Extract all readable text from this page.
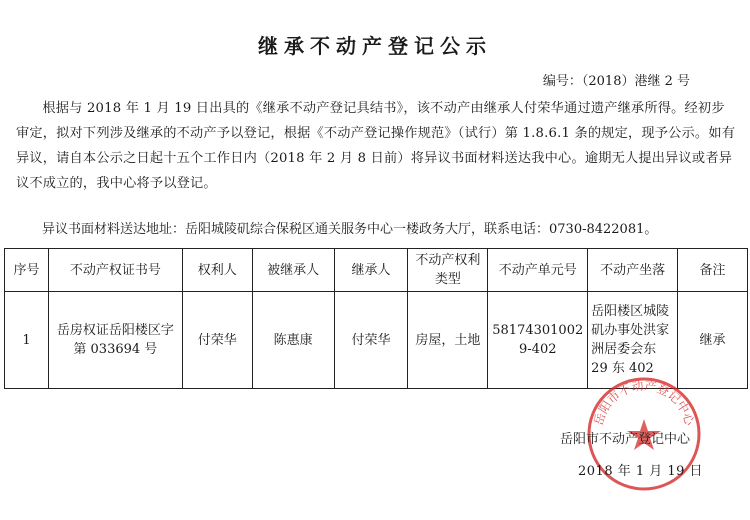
继承不动产登记公示
编号：（2018）港继 2 号

根据与 2018 年 1 月 19 日出具的《继承不动产登记具结书》，该不动产由继承人付荣华通过遗产继承所得。经初步审定，拟对下列涉及继承的不动产予以登记，根据《不动产登记操作规范》（试行）第 1.8.6.1 条的规定，现予公示。如有异议，请自本公示之日起十五个工作日内（2018 年 2 月 8 日前）将异议书面材料送达我中心。逾期无人提出异议或者异议不成立的，我中心将予以登记。

异议书面材料送达地址：岳阳城陵矶综合保税区通关服务中心一楼政务大厅，联系电话：0730-8422081。
序号	不动产权证书号	权利人	被继承人	继承人	不动产权利类型	不动产单元号	不动产坐落	备注
1	岳房权证岳阳楼区字第 033694 号	付荣华	陈惠康	付荣华	房屋，土地	581743010029-402	岳阳楼区城陵矶办事处洪家洲居委会东 29 东 402	继承
岳阳市不动产登记中心
岳阳市不动产登记中心
2018 年 1 月 19 日
